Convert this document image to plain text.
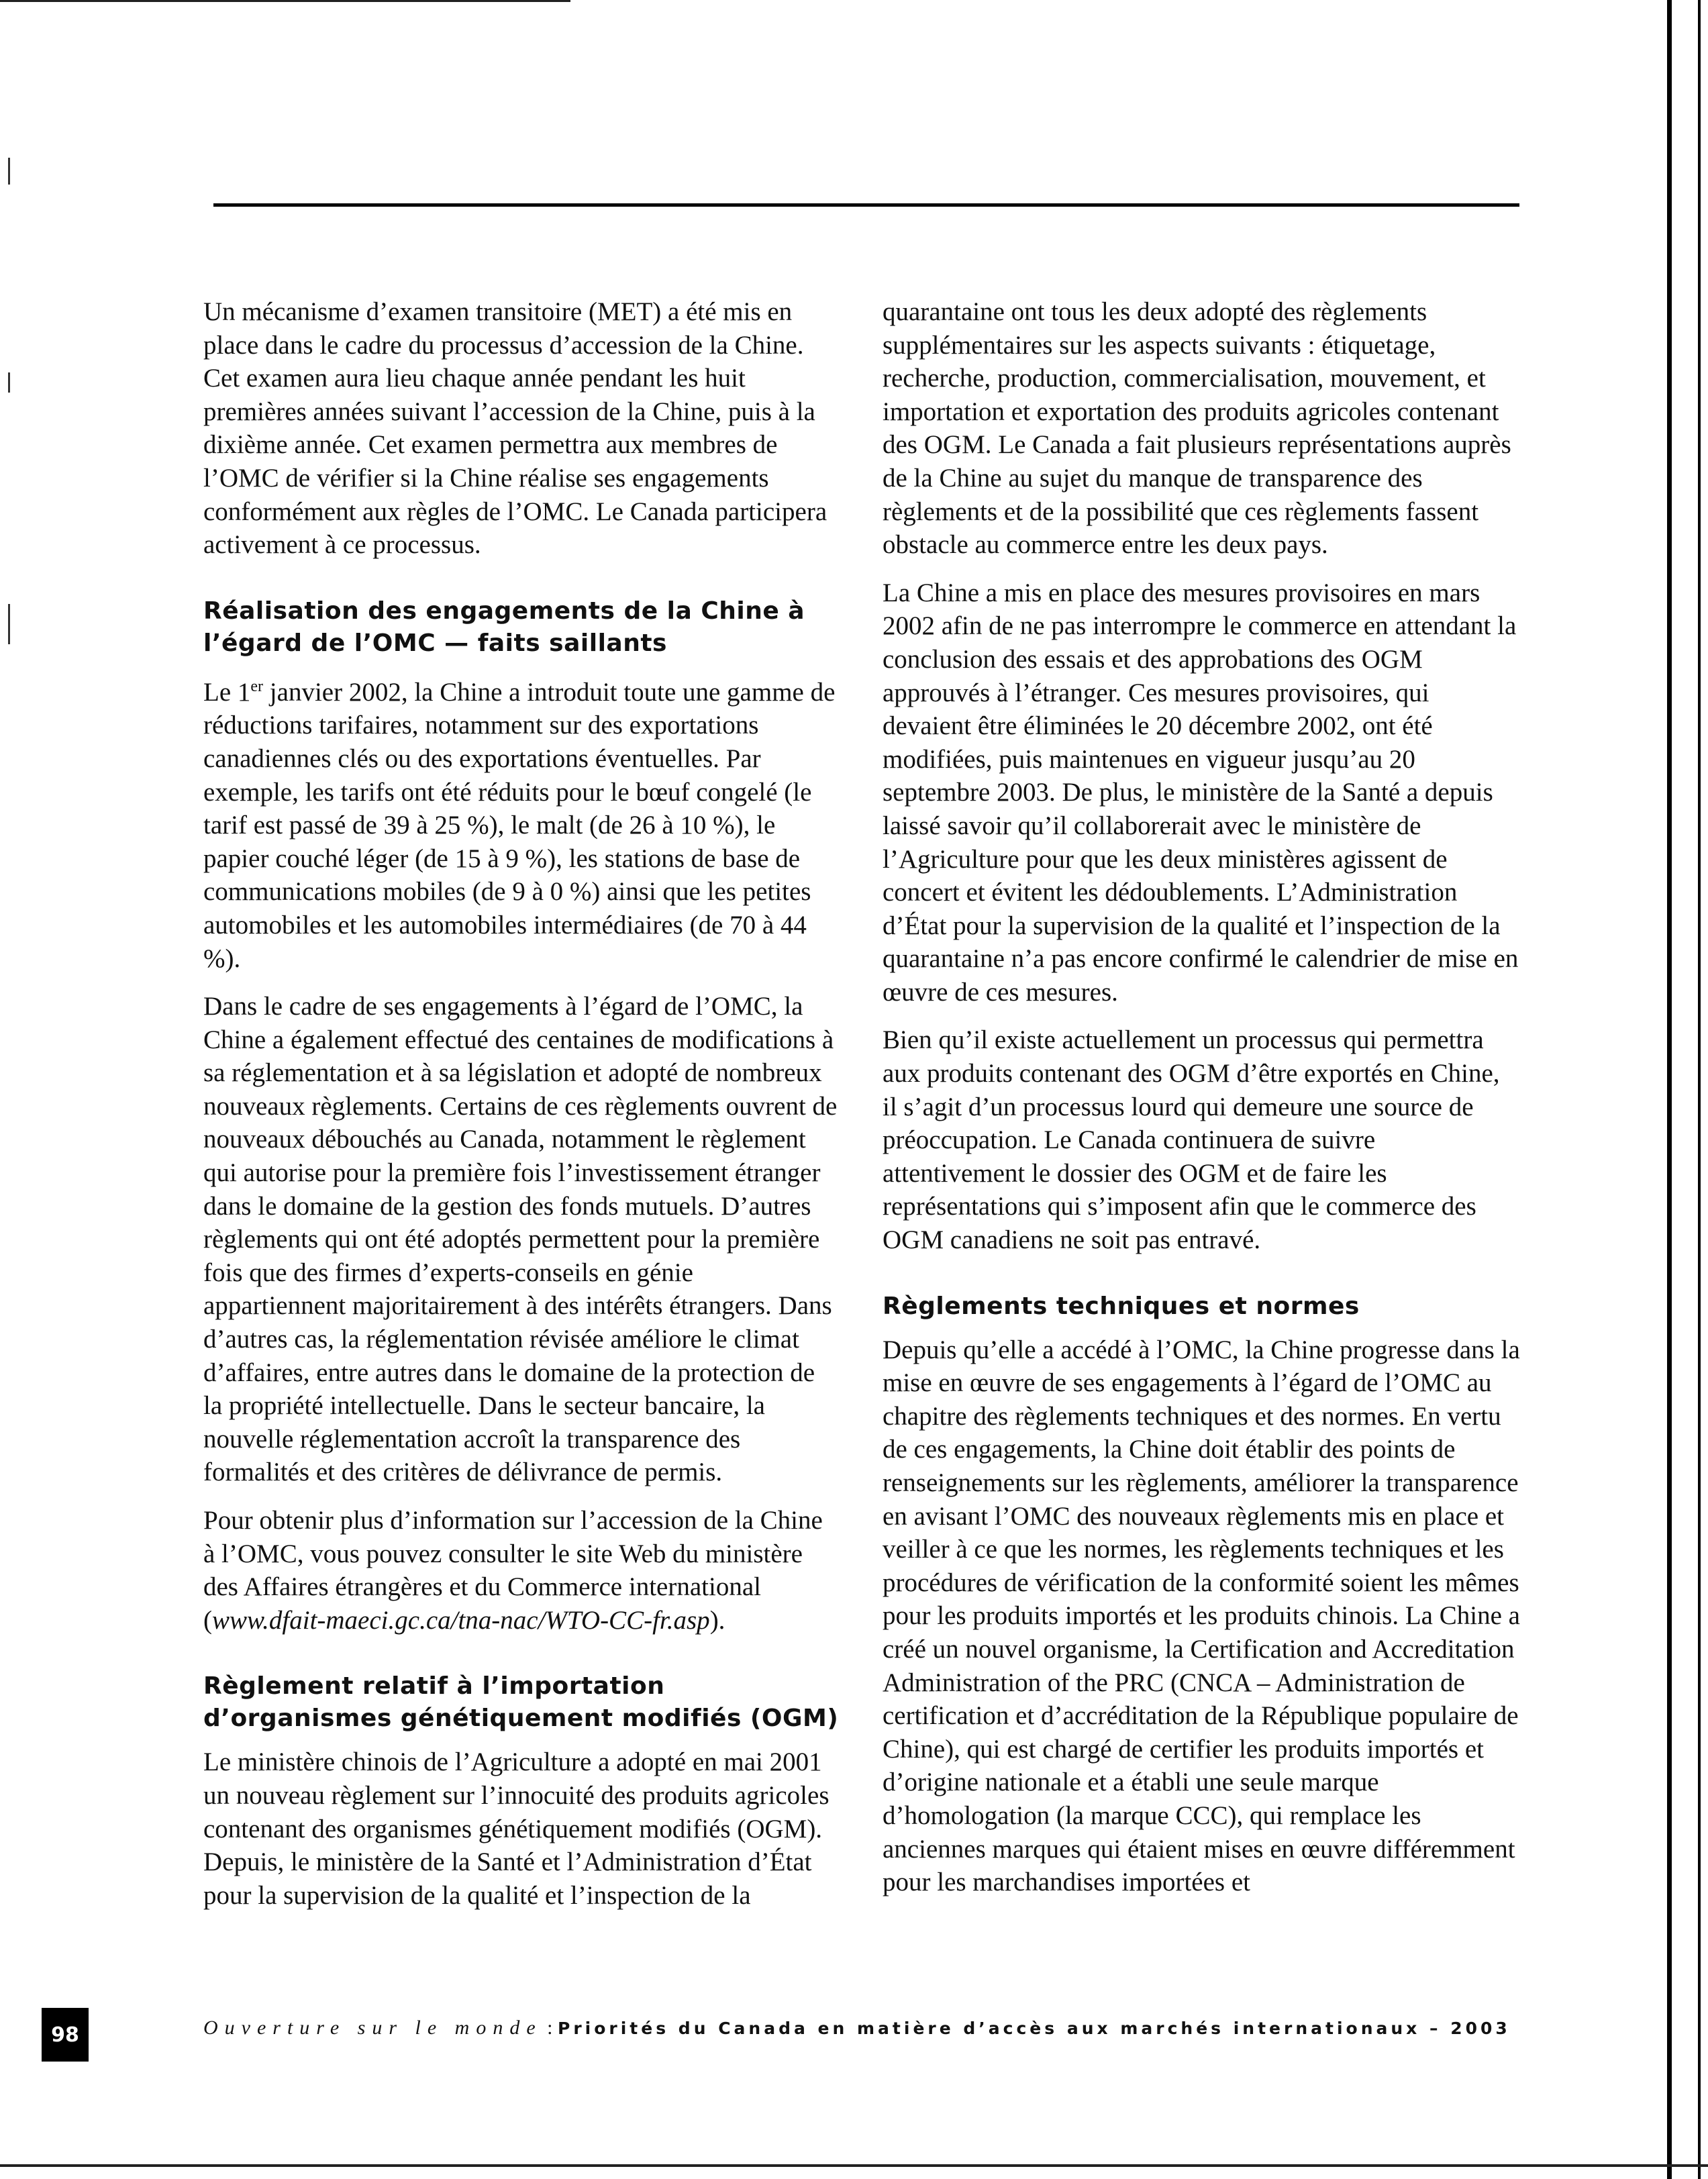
Un mécanisme d’examen transitoire (MET) a été mis en place dans le cadre du processus d’accession de la Chine. Cet examen aura lieu chaque année pendant les huit premières années suivant l’accession de la Chine, puis à la dixième année. Cet examen permettra aux membres de l’OMC de vérifier si la Chine réalise ses engagements conformément aux règles de l’OMC. Le Canada participera activement à ce processus.

Réalisation des engagements de la Chine à l’égard de l’OMC — faits saillants

Le 1er janvier 2002, la Chine a introduit toute une gamme de réductions tarifaires, notamment sur des exportations canadiennes clés ou des exportations éventuelles. Par exemple, les tarifs ont été réduits pour le bœuf congelé (le tarif est passé de 39 à 25 %), le malt (de 26 à 10 %), le papier couché léger (de 15 à 9 %), les stations de base de communications mobiles (de 9 à 0 %) ainsi que les petites automobiles et les automobiles intermédiaires (de 70 à 44 %).

Dans le cadre de ses engagements à l’égard de l’OMC, la Chine a également effectué des centaines de modifications à sa réglementation et à sa législation et adopté de nombreux nouveaux règlements. Certains de ces règlements ouvrent de nouveaux débouchés au Canada, notamment le règlement qui autorise pour la première fois l’investissement étranger dans le domaine de la gestion des fonds mutuels. D’autres règlements qui ont été adoptés permettent pour la première fois que des firmes d’experts-conseils en génie appartiennent majoritairement à des intérêts étrangers. Dans d’autres cas, la réglementation révisée améliore le climat d’affaires, entre autres dans le domaine de la protection de la propriété intellectuelle. Dans le secteur bancaire, la nouvelle réglementation accroît la transparence des formalités et des critères de délivrance de permis.

Pour obtenir plus d’information sur l’accession de la Chine à l’OMC, vous pouvez consulter le site Web du ministère des Affaires étrangères et du Commerce international (www.dfait-maeci.gc.ca/tna-nac/WTO-CC-fr.asp).

Règlement relatif à l’importation d’organismes génétiquement modifiés (OGM)

Le ministère chinois de l’Agriculture a adopté en mai 2001 un nouveau règlement sur l’innocuité des produits agricoles contenant des organismes génétiquement modifiés (OGM). Depuis, le ministère de la Santé et l’Administration d’État pour la supervision de la qualité et l’inspection de la

quarantaine ont tous les deux adopté des règlements supplémentaires sur les aspects suivants : étiquetage, recherche, production, commercialisation, mouvement, et importation et exportation des produits agricoles contenant des OGM. Le Canada a fait plusieurs représentations auprès de la Chine au sujet du manque de transparence des règlements et de la possibilité que ces règlements fassent obstacle au commerce entre les deux pays.

La Chine a mis en place des mesures provisoires en mars 2002 afin de ne pas interrompre le commerce en attendant la conclusion des essais et des approbations des OGM approuvés à l’étranger. Ces mesures provisoires, qui devaient être éliminées le 20 décembre 2002, ont été modifiées, puis maintenues en vigueur jusqu’au 20 septembre 2003. De plus, le ministère de la Santé a depuis laissé savoir qu’il collaborerait avec le ministère de l’Agriculture pour que les deux ministères agissent de concert et évitent les dédoublements. L’Administration d’État pour la supervision de la qualité et l’inspection de la quarantaine n’a pas encore confirmé le calendrier de mise en œuvre de ces mesures.

Bien qu’il existe actuellement un processus qui permettra aux produits contenant des OGM d’être exportés en Chine, il s’agit d’un processus lourd qui demeure une source de préoccupation. Le Canada continuera de suivre attentivement le dossier des OGM et de faire les représentations qui s’imposent afin que le commerce des OGM canadiens ne soit pas entravé.

Règlements techniques et normes

Depuis qu’elle a accédé à l’OMC, la Chine progresse dans la mise en œuvre de ses engagements à l’égard de l’OMC au chapitre des règlements techniques et des normes. En vertu de ces engagements, la Chine doit établir des points de renseignements sur les règlements, améliorer la transparence en avisant l’OMC des nouveaux règlements mis en place et veiller à ce que les normes, les règlements techniques et les procédures de vérification de la conformité soient les mêmes pour les produits importés et les produits chinois. La Chine a créé un nouvel organisme, la Certification and Accreditation Administration of the PRC (CNCA – Administration de certification et d’accréditation de la République populaire de Chine), qui est chargé de certifier les produits importés et d’origine nationale et a établi une seule marque d’homologation (la marque CCC), qui remplace les anciennes marques qui étaient mises en œuvre différemment pour les marchandises importées et

98	Ouverture sur le monde : Priorités du Canada en matière d’accès aux marchés internationaux – 2003
